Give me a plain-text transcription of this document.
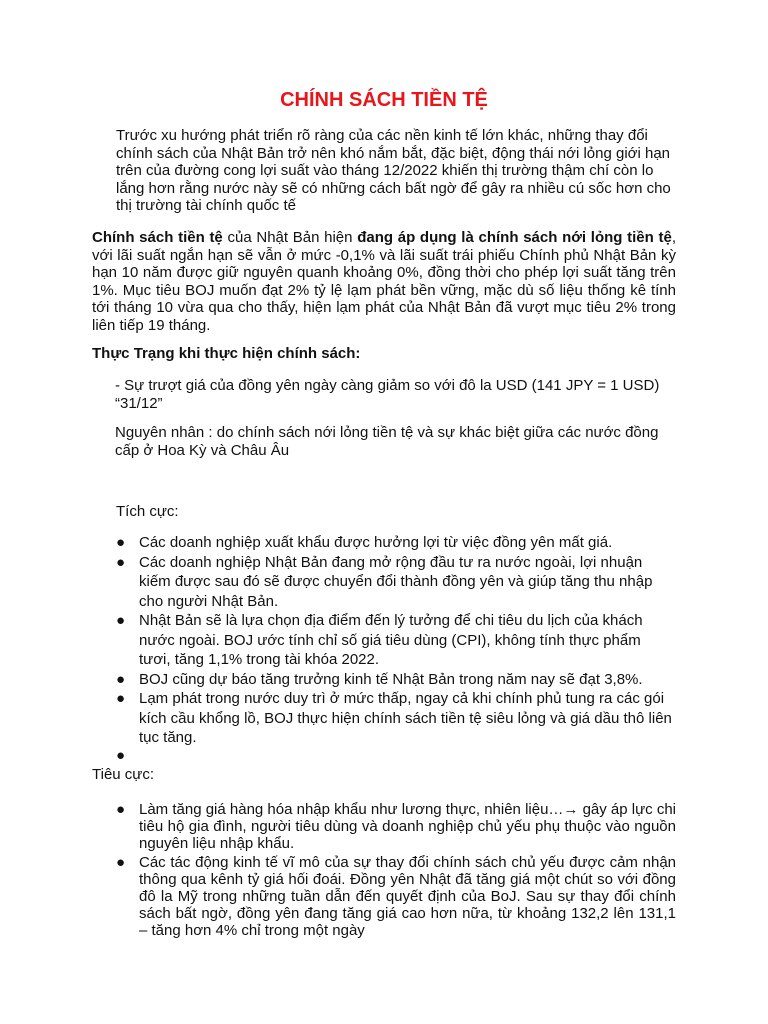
CHÍNH SÁCH TIỀN TỆ
Trước xu hướng phát triển rõ ràng của các nền kinh tế lớn khác, những thay đổi chính sách của Nhật Bản trở nên khó nắm bắt, đặc biệt, động thái nới lỏng giới hạn trên của đường cong lợi suất vào tháng 12/2022 khiến thị trường thậm chí còn lo lắng hơn rằng nước này sẽ có những cách bất ngờ để gây ra nhiều cú sốc hơn cho thị trường tài chính quốc tế
Chính sách tiền tệ của Nhật Bản hiện đang áp dụng là chính sách nới lỏng tiền tệ, với lãi suất ngắn hạn sẽ vẫn ở mức -0,1% và lãi suất trái phiếu Chính phủ Nhật Bản kỳ hạn 10 năm được giữ nguyên quanh khoảng 0%, đồng thời cho phép lợi suất tăng trên 1%. Mục tiêu BOJ muốn đạt 2% tỷ lệ lạm phát bền vững, mặc dù số liệu thống kê tính tới tháng 10 vừa qua cho thấy, hiện lạm phát của Nhật Bản đã vượt mục tiêu 2% trong liên tiếp 19 tháng.
Thực Trạng khi thực hiện chính sách:
- Sự trượt giá của đồng yên ngày càng giảm so với đô la USD (141 JPY = 1 USD) “31/12”
Nguyên nhân : do chính sách nới lỏng tiền tệ và sự khác biệt giữa các nước đồng cấp ở Hoa Kỳ và Châu Âu
Tích cực:
● Các doanh nghiệp xuất khẩu được hưởng lợi từ việc đồng yên mất giá.
● Các doanh nghiệp Nhật Bản đang mở rộng đầu tư ra nước ngoài, lợi nhuận kiếm được sau đó sẽ được chuyển đổi thành đồng yên và giúp tăng thu nhập cho người Nhật Bản.
● Nhật Bản sẽ là lựa chọn địa điểm đến lý tưởng để chi tiêu du lịch của khách nước ngoài. BOJ ước tính chỉ số giá tiêu dùng (CPI), không tính thực phẩm tươi, tăng 1,1% trong tài khóa 2022.
● BOJ cũng dự báo tăng trưởng kinh tế Nhật Bản trong năm nay sẽ đạt 3,8%.
● Lạm phát trong nước duy trì ở mức thấp, ngay cả khi chính phủ tung ra các gói kích cầu khổng lồ, BOJ thực hiện chính sách tiền tệ siêu lỏng và giá dầu thô liên tục tăng.
●
Tiêu cực:
● Làm tăng giá hàng hóa nhập khẩu như lương thực, nhiên liệu…→ gây áp lực chi tiêu hộ gia đình, người tiêu dùng và doanh nghiệp chủ yếu phụ thuộc vào nguồn nguyên liệu nhập khẩu.
● Các tác động kinh tế vĩ mô của sự thay đổi chính sách chủ yếu được cảm nhận thông qua kênh tỷ giá hối đoái. Đồng yên Nhật đã tăng giá một chút so với đồng đô la Mỹ trong những tuần dẫn đến quyết định của BoJ. Sau sự thay đổi chính sách bất ngờ, đồng yên đang tăng giá cao hơn nữa, từ khoảng 132,2 lên 131,1 – tăng hơn 4% chỉ trong một ngày
